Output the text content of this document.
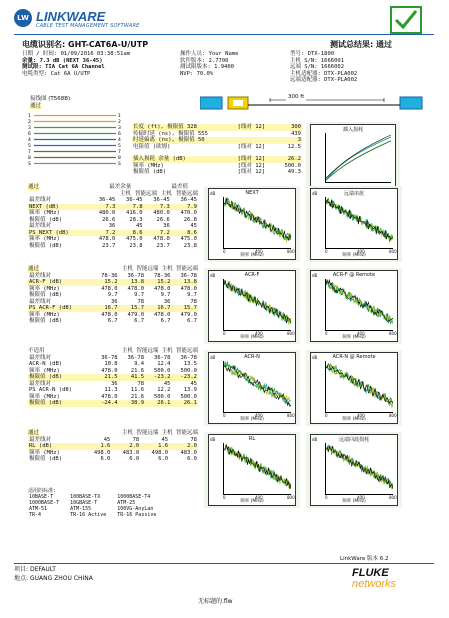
LW LINKWARE
CABLE TEST MANAGEMENT SOFTWARE
电缆识别名: GHT-CAT6A-U/UTP	测试总结果: 通过
日期 / 时间: 01/09/2016 03:38:51am
余量: 7.3 dB (NEXT 36-45)
测试限: TIA Cat 6A Channel
电缆类型: Cat 6A U/UTP
操作人员: Your Name
软件版本: 2.7700
测试限版本: 1.9400
NVP: 70.0%
型号: DTX-1800
主机 S/N: 1666001
远端 S/N: 1666002
主机适配器: DTX-PLA002
远端适配器: DTX-PLA002
接线图 (T568B)
通过
1
2
3
6
4
5
7
8
S
1
2
3
6
4
5
7
8
S
300 ft
长度 (ft), 极限值 328	[线对 12]	300
传输时延 (ns), 极限值 555		439
时延偏离 (ns), 极限值 50		3
电阻值 (欧姆)	[线对 12]	12.5

插入损耗 余量 (dB)	[线对 12]	26.2
频率 (MHz)	[线对 12]	500.0
极限值 (dB)	[线对 12]	49.3
插入损耗
通过	最差余量	最差值
主机 智能远端 主机 智能远端
最差线对	36-45	36-45	36-45	36-45
NEXT (dB)	7.3	7.8	7.3	7.9
频率 (MHz)	480.0	416.0	480.0	470.0
极限值 (dB)	26.6	28.3	26.6	26.8
最差线对	36	45	36	45
PS NEXT (dB)	7.2	8.6	7.2	8.6
频率 (MHz)	478.0	475.0	478.0	475.0
极限值 (dB)	23.7	23.8	23.7	23.8
通过	主机 智能远端 主机 智能远端
最差线对	78-36	36-78	78-36	36-78
ACR-F (dB)	15.2	13.8	15.2	13.8
频率 (MHz)	478.0	478.0	478.0	478.0
极限值 (dB)	9.7	9.7	9.7	9.7
最差线对	36	78	36	78
PS ACR-F (dB)	16.7	15.7	16.7	15.7
频率 (MHz)	478.0	479.0	478.0	479.0
极限值 (dB)	6.7	6.7	6.7	6.7
不适用	主机 智能远端 主机 智能远端
最差线对	36-78	36-78	36-78	36-78
ACR-N (dB)	10.8	9.4	12.4	13.5
频率 (MHz)	478.0	21.6	500.0	500.0
极限值 (dB)	21.5	41.5	-23.2	-23.2
最差线对	36	78	45	45
PS ACR-N (dB)	11.3	11.6	12.2	13.9
频率 (MHz)	478.0	21.6	500.0	500.0
极限值 (dB)	-24.4	38.9	26.1	26.1
通过	主机 智能远端 主机 智能远端
最差线对	45	78	45	78
RL (dB)	1.6	2.0	1.6	2.0
频率 (MHz)	498.0	483.0	498.0	483.0
极限值 (dB)	6.0	6.0	6.0	6.0
适用的标准:
10BASE-T	100BASE-TX	1000BASE-T4
1000BASE-T	10GBASE-T	ATM-25
ATM-51	ATM-155	100VG-AnyLan
TR-4	TR-16 Active	TR-16 Passive
NEXT
dB
0	400	800
频率 (MHz)
远端串扰
dB
0	400	800
频率 (MHz)
ACR-F
dB
0	400	800
频率 (MHz)
ACR-F @ Remote
dB
0	400	800
频率 (MHz)
ACR-N
dB
0	400	800
频率 (MHz)
ACR-N @ Remote
dB
0	400	800
频率 (MHz)
RL
dB
0	400	800
频率 (MHz)
远端回波损耗
dB
0	400	800
频率 (MHz)
LinkWare 版本 6.2
项目: DEFAULT
地点: GUANG ZHOU CHINA	FLUKE
networks
无标题的.flw
